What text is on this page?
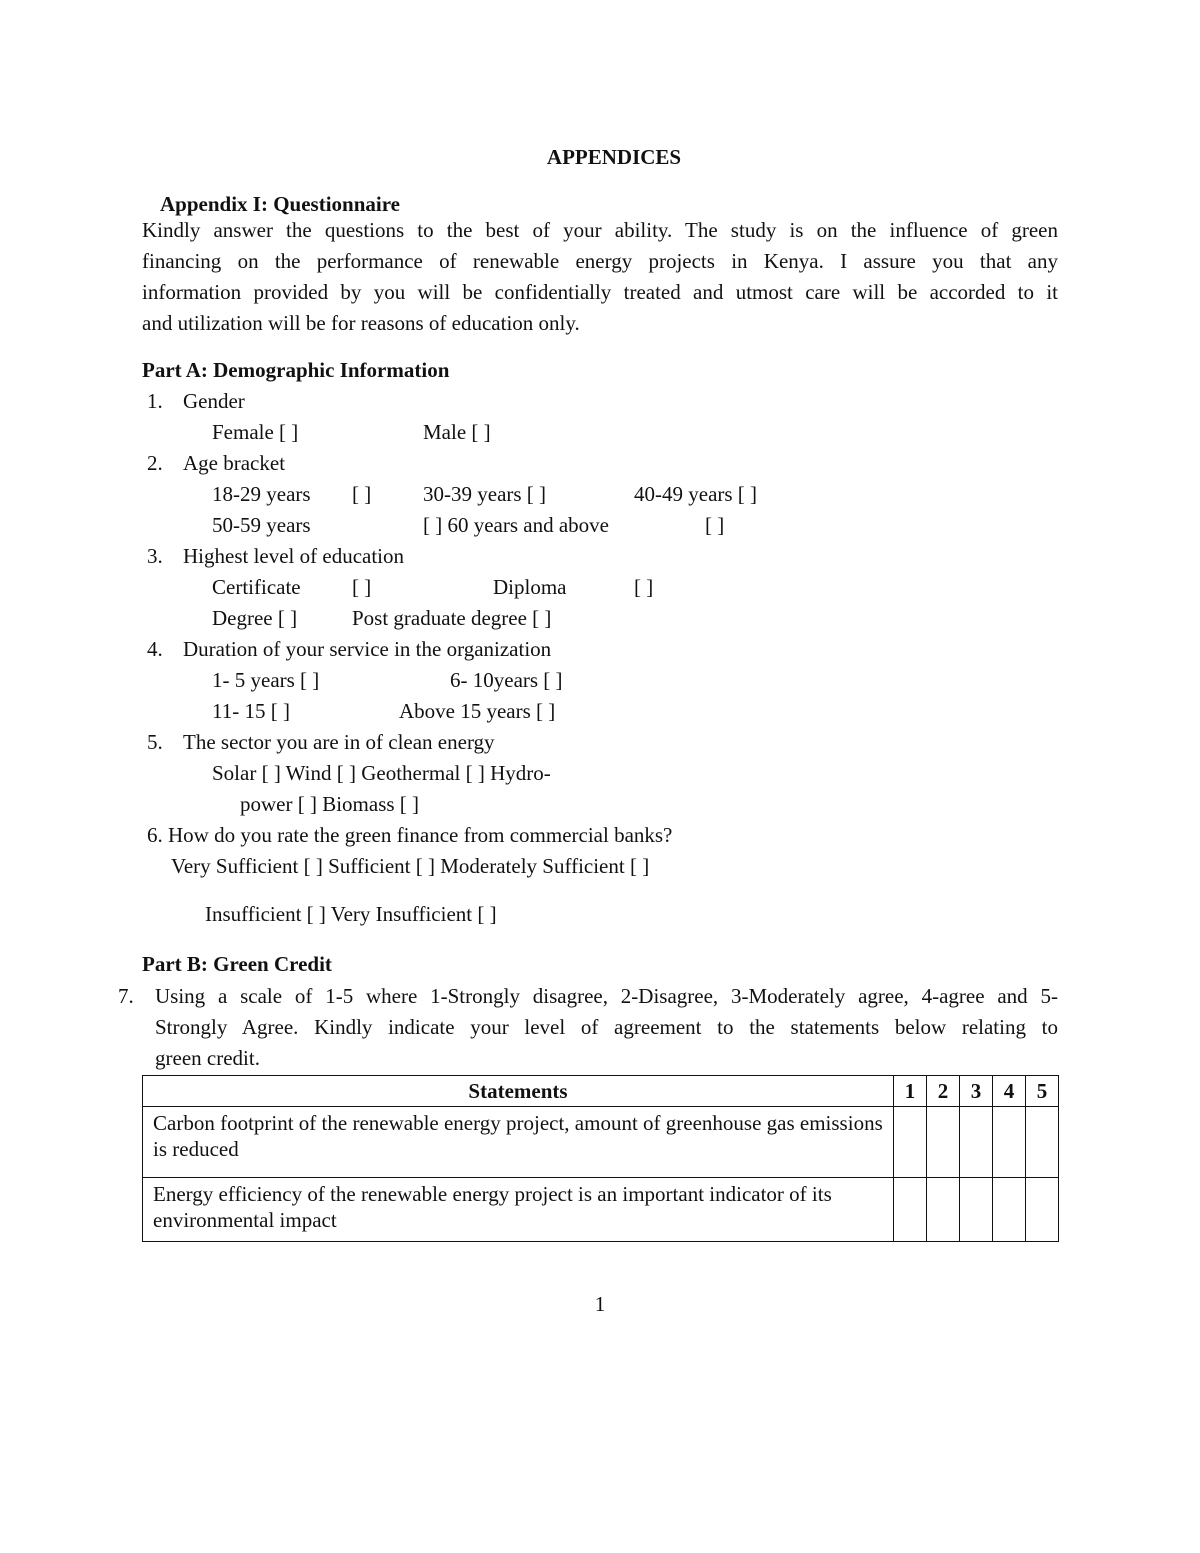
APPENDICES
Appendix I: Questionnaire
Kindly answer the questions to the best of your ability. The study is on the influence of green
financing on the performance of renewable energy projects in Kenya. I assure you that any
information provided by you will be confidentially treated and utmost care will be accorded to it
and utilization will be for reasons of education only.
Part A: Demographic Information
1. Gender
Female [ ]	Male [ ]
2. Age bracket
18-29 years [ ] 30-39 years [ ]	40-49 years [ ]
50-59 years	[ ] 60 years and above	[ ]
3. Highest level of education
Certificate [ ]	Diploma	[ ]
Degree [ ]	Post graduate degree [ ]
4. Duration of your service in the organization
1- 5 years [ ]	6- 10years [ ]
11- 15 [ ]	Above 15 years [ ]
5. The sector you are in of clean energy
Solar [ ] Wind [ ] Geothermal [ ] Hydro-
power [ ] Biomass [ ]
6. How do you rate the green finance from commercial banks?
Very Sufficient [ ] Sufficient [ ] Moderately Sufficient [ ]
Insufficient [ ] Very Insufficient [ ]
Part B: Green Credit
7. Using a scale of 1-5 where 1-Strongly disagree, 2-Disagree, 3-Moderately agree, 4-agree and 5-
Strongly Agree. Kindly indicate your level of agreement to the statements below relating to
green credit.
Statements	1	2	3	4	5
Carbon footprint of the renewable energy project, amount of greenhouse gas emissions is reduced					
Energy efficiency of the renewable energy project is an important indicator of its environmental impact					
1
